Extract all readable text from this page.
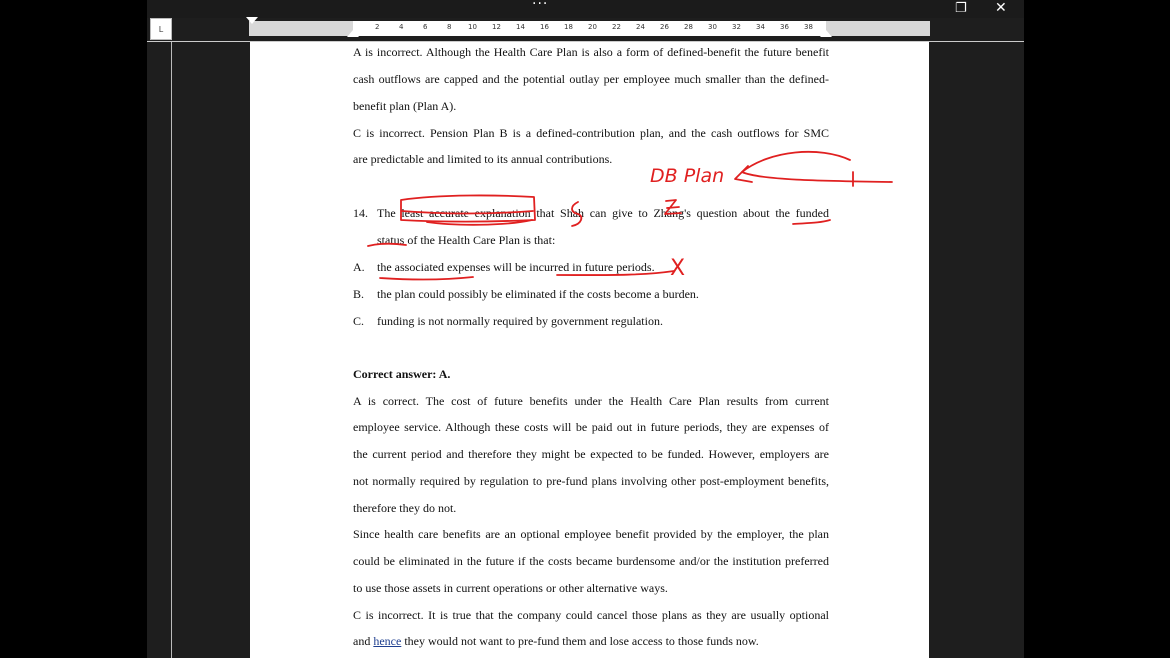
···	❐ ✕
L	2	4	6	8 10 12 14 16 18 20 22 24 26 28 30 32 34 36 38
A is incorrect. Although the Health Care Plan is also a form of defined-benefit the future benefit
cash outflows are capped and the potential outlay per employee much smaller than the defined-
benefit plan (Plan A).
C is incorrect. Pension Plan B is a defined-contribution plan, and the cash outflows for SMC
are predictable and limited to its annual contributions.
14. The least accurate explanation that Shah can give to Zhang's question about the funded
status of the Health Care Plan is that:
A. the associated expenses will be incurred in future periods.
B. the plan could possibly be eliminated if the costs become a burden.
C. funding is not normally required by government regulation.
Correct answer: A.
A is correct. The cost of future benefits under the Health Care Plan results from current
employee service. Although these costs will be paid out in future periods, they are expenses of
the current period and therefore they might be expected to be funded. However, employers are
not normally required by regulation to pre-fund plans involving other post-employment benefits,
therefore they do not.
Since health care benefits are an optional employee benefit provided by the employer, the plan
could be eliminated in the future if the costs became burdensome and/or the institution preferred
to use those assets in current operations or other alternative ways.
C is incorrect. It is true that the company could cancel those plans as they are usually optional
and hence they would not want to pre-fund them and lose access to those funds now.
DB Plan
X
